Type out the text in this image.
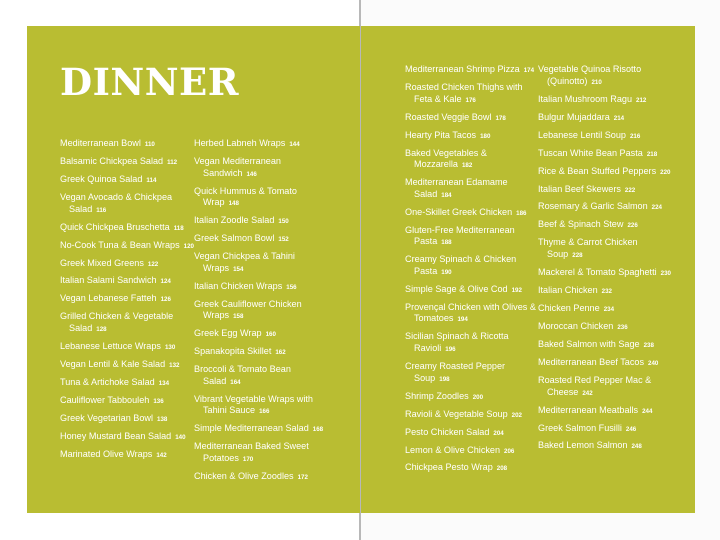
DINNER
Mediterranean Bowl 110
Balsamic Chickpea Salad 112
Greek Quinoa Salad 114
Vegan Avocado & Chickpea Salad 116
Quick Chickpea Bruschetta 118
No-Cook Tuna & Bean Wraps 120
Greek Mixed Greens 122
Italian Salami Sandwich 124
Vegan Lebanese Fatteh 126
Grilled Chicken & Vegetable Salad 128
Lebanese Lettuce Wraps 130
Vegan Lentil & Kale Salad 132
Tuna & Artichoke Salad 134
Cauliflower Tabbouleh 136
Greek Vegetarian Bowl 138
Honey Mustard Bean Salad 140
Marinated Olive Wraps 142
Herbed Labneh Wraps 144
Vegan Mediterranean Sandwich 146
Quick Hummus & Tomato Wrap 148
Italian Zoodle Salad 150
Greek Salmon Bowl 152
Vegan Chickpea & Tahini Wraps 154
Italian Chicken Wraps 156
Greek Cauliflower Chicken Wraps 158
Greek Egg Wrap 160
Spanakopita Skillet 162
Broccoli & Tomato Bean Salad 164
Vibrant Vegetable Wraps with Tahini Sauce 166
Simple Mediterranean Salad 168
Mediterranean Baked Sweet Potatoes 170
Chicken & Olive Zoodles 172
Mediterranean Shrimp Pizza 174
Roasted Chicken Thighs with Feta & Kale 176
Roasted Veggie Bowl 178
Hearty Pita Tacos 180
Baked Vegetables & Mozzarella 182
Mediterranean Edamame Salad 184
One-Skillet Greek Chicken 186
Gluten-Free Mediterranean Pasta 188
Creamy Spinach & Chicken Pasta 190
Simple Sage & Olive Cod 192
Provençal Chicken with Olives & Tomatoes 194
Sicilian Spinach & Ricotta Ravioli 196
Creamy Roasted Pepper Soup 198
Shrimp Zoodles 200
Ravioli & Vegetable Soup 202
Pesto Chicken Salad 204
Lemon & Olive Chicken 206
Chickpea Pesto Wrap 208
Vegetable Quinoa Risotto (Quinotto) 210
Italian Mushroom Ragu 212
Bulgur Mujaddara 214
Lebanese Lentil Soup 216
Tuscan White Bean Pasta 218
Rice & Bean Stuffed Peppers 220
Italian Beef Skewers 222
Rosemary & Garlic Salmon 224
Beef & Spinach Stew 226
Thyme & Carrot Chicken Soup 228
Mackerel & Tomato Spaghetti 230
Italian Chicken 232
Chicken Penne 234
Moroccan Chicken 236
Baked Salmon with Sage 238
Mediterranean Beef Tacos 240
Roasted Red Pepper Mac & Cheese 242
Mediterranean Meatballs 244
Greek Salmon Fusilli 246
Baked Lemon Salmon 248
